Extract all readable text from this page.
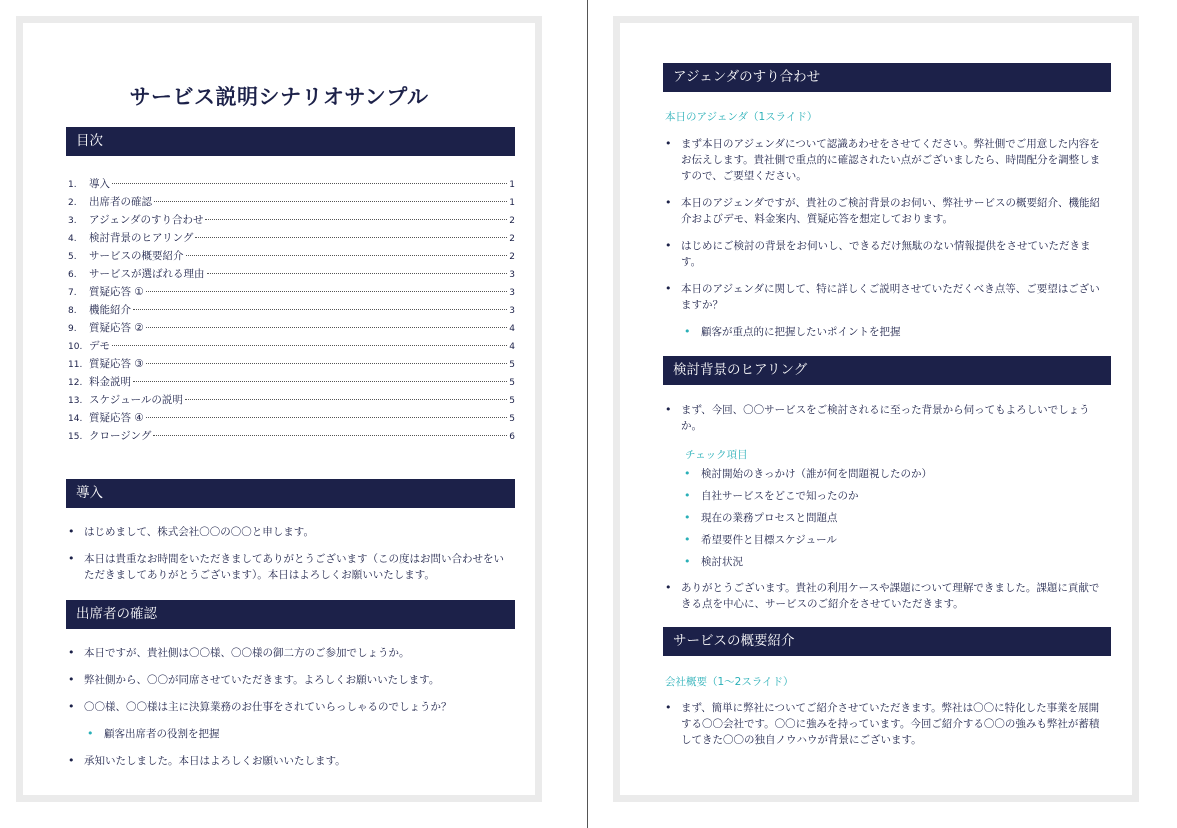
サービス説明シナリオサンプル
目次
1.	導入	1
2.	出席者の確認	1
3.	アジェンダのすり合わせ	2
4.	検討背景のヒアリング	2
5.	サービスの概要紹介	2
6.	サービスが選ばれる理由	3
7.	質疑応答 ①	3
8.	機能紹介	3
9.	質疑応答 ②	4
10. デモ	4
11. 質疑応答 ③	5
12. 料金説明	5
13. スケジュールの説明	5
14. 質疑応答 ④	5
15. クロージング	6
導入
• はじめまして、株式会社〇〇の〇〇と申します。
• 本日は貴重なお時間をいただきましてありがとうございます（この度はお問い合わせをいただきましてありがとうございます）。本日はよろしくお願いいたします。
出席者の確認
• 本日ですが、貴社側は〇〇様、〇〇様の御二方のご参加でしょうか。
• 弊社側から、〇〇が同席させていただきます。よろしくお願いいたします。
• 〇〇様、〇〇様は主に決算業務のお仕事をされていらっしゃるのでしょうか？
• 顧客出席者の役割を把握
• 承知いたしました。本日はよろしくお願いいたします。
アジェンダのすり合わせ
本日のアジェンダ（1スライド）
• まず本日のアジェンダについて認識あわせをさせてください。弊社側でご用意した内容をお伝えします。貴社側で重点的に確認されたい点がございましたら、時間配分を調整しますので、ご要望ください。
• 本日のアジェンダですが、貴社のご検討背景のお伺い、弊社サービスの概要紹介、機能紹介およびデモ、料金案内、質疑応答を想定しております。
• はじめにご検討の背景をお伺いし、できるだけ無駄のない情報提供をさせていただきます。
• 本日のアジェンダに関して、特に詳しくご説明させていただくべき点等、ご要望はございますか？
• 顧客が重点的に把握したいポイントを把握
検討背景のヒアリング
• まず、今回、〇〇サービスをご検討されるに至った背景から伺ってもよろしいでしょうか。
チェック項目
• 検討開始のきっかけ（誰が何を問題視したのか）
• 自社サービスをどこで知ったのか
• 現在の業務プロセスと問題点
• 希望要件と目標スケジュール
• 検討状況
• ありがとうございます。貴社の利用ケースや課題について理解できました。課題に貢献できる点を中心に、サービスのご紹介をさせていただきます。
サービスの概要紹介
会社概要（1～2スライド）
• まず、簡単に弊社についてご紹介させていただきます。弊社は〇〇に特化した事業を展開する〇〇会社です。〇〇に強みを持っています。今回ご紹介する〇〇の強みも弊社が蓄積してきた〇〇の独自ノウハウが背景にございます。
